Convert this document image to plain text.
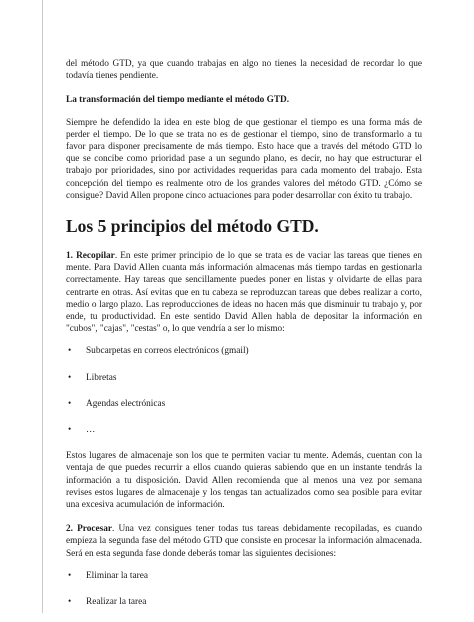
del método GTD, ya que cuando trabajas en algo no tienes la necesidad de recordar lo que todavía tienes pendiente.

La transformación del tiempo mediante el método GTD.

Siempre he defendido la idea en este blog de que gestionar el tiempo es una forma más de perder el tiempo. De lo que se trata no es de gestionar el tiempo, sino de transformarlo a tu favor para disponer precisamente de más tiempo. Esto hace que a través del método GTD lo que se concibe como prioridad pase a un segundo plano, es decir, no hay que estructurar el trabajo por prioridades, sino por actividades requeridas para cada momento del trabajo. Esta concepción del tiempo es realmente otro de los grandes valores del método GTD. ¿Cómo se consigue? David Allen propone cinco actuaciones para poder desarrollar con éxito tu trabajo.

Los 5 principios del método GTD.

1. Recopilar. En este primer principio de lo que se trata es de vaciar las tareas que tienes en mente. Para David Allen cuanta más información almacenas más tiempo tardas en gestionarla correctamente. Hay tareas que sencillamente puedes poner en listas y olvidarte de ellas para centrarte en otras. Así evitas que en tu cabeza se reproduzcan tareas que debes realizar a corto, medio o largo plazo. Las reproducciones de ideas no hacen más que disminuir tu trabajo y, por ende, tu productividad. En este sentido David Allen habla de depositar la información en "cubos", "cajas", "cestas" o, lo que vendría a ser lo mismo:

• Subcarpetas en correos electrónicos (gmail)
• Libretas
• Agendas electrónicas
• …

Estos lugares de almacenaje son los que te permiten vaciar tu mente. Además, cuentan con la ventaja de que puedes recurrir a ellos cuando quieras sabiendo que en un instante tendrás la información a tu disposición. David Allen recomienda que al menos una vez por semana revises estos lugares de almacenaje y los tengas tan actualizados como sea posible para evitar una excesiva acumulación de información.

2. Procesar. Una vez consigues tener todas tus tareas debidamente recopiladas, es cuando empieza la segunda fase del método GTD que consiste en procesar la información almacenada. Será en esta segunda fase donde deberás tomar las siguientes decisiones:

• Eliminar la tarea
• Realizar la tarea
